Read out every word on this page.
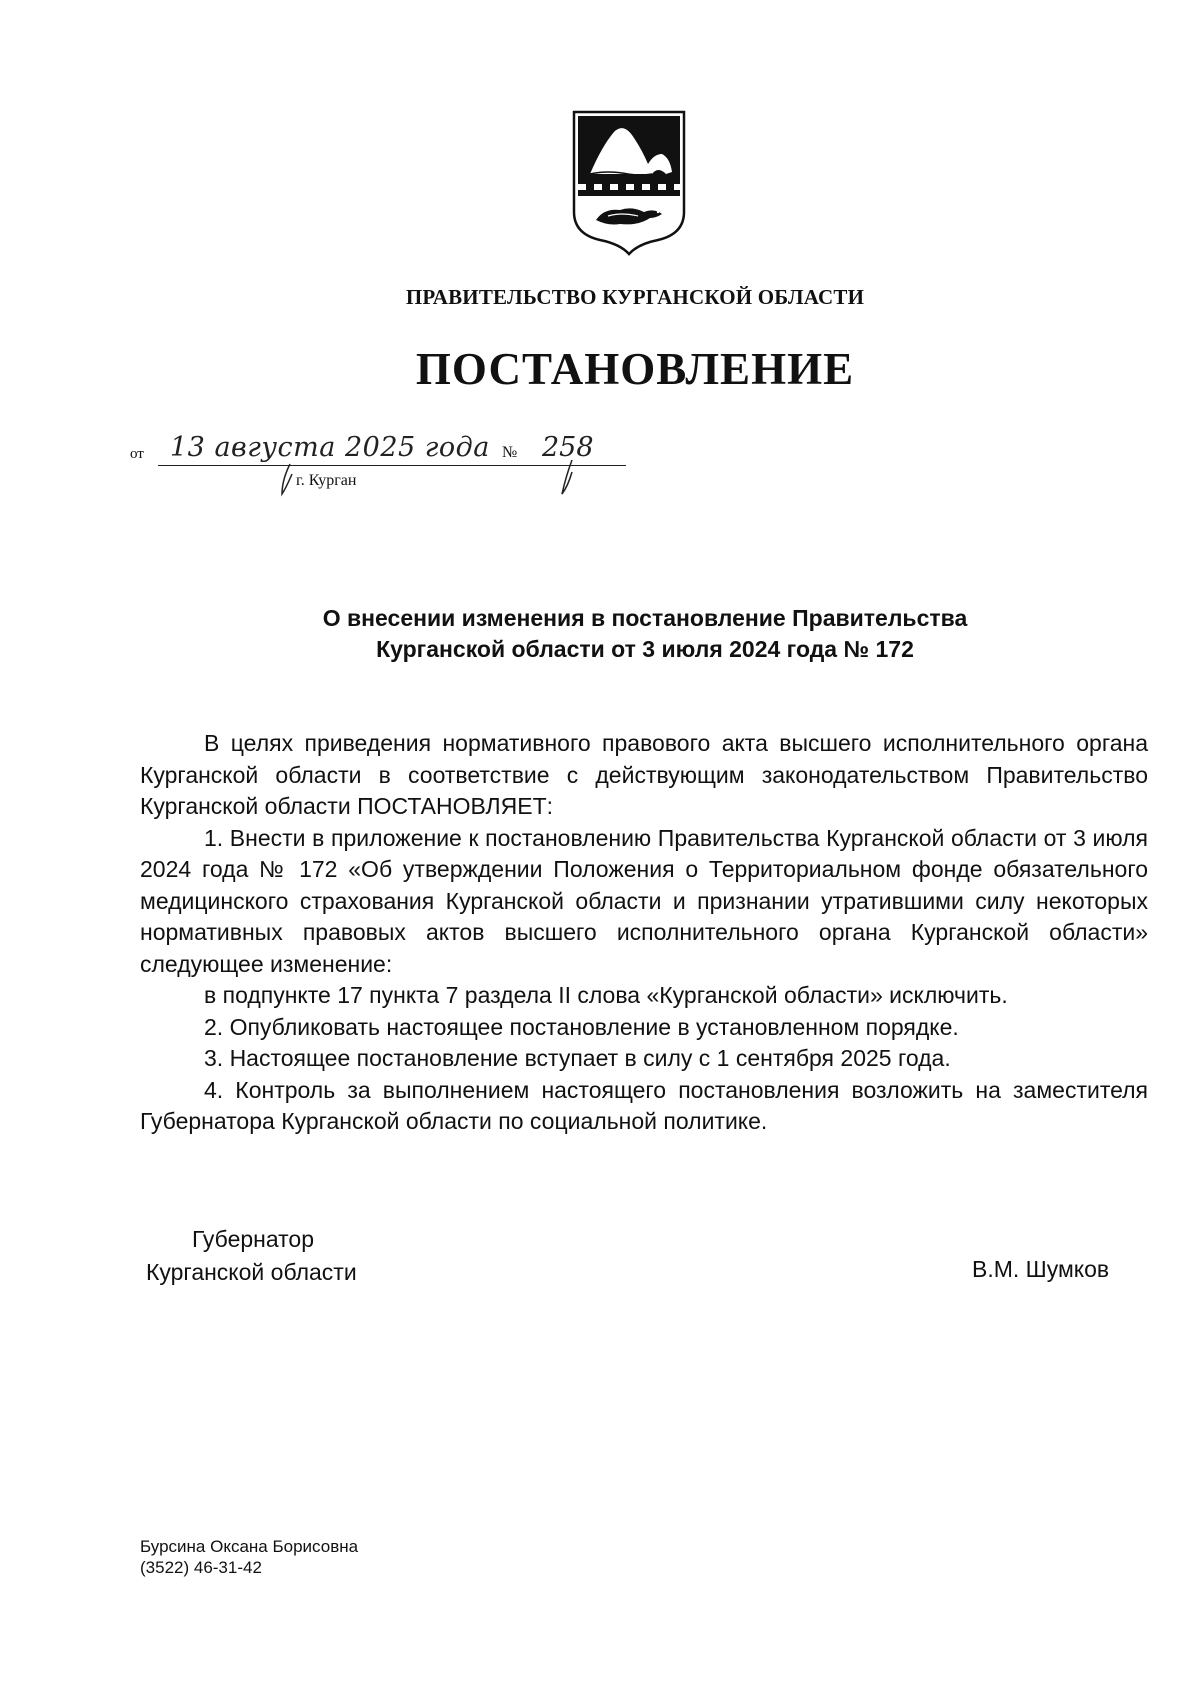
ПРАВИТЕЛЬСТВО КУРГАНСКОЙ ОБЛАСТИ
ПОСТАНОВЛЕНИЕ
от 13 августа 2025 года № 258
г. Курган
О внесении изменения в постановление Правительства
Курганской области от 3 июля 2024 года № 172

В целях приведения нормативного правового акта высшего исполнительного органа Курганской области в соответствие с действующим законодательством Правительство Курганской области ПОСТАНОВЛЯЕТ:

1. Внести в приложение к постановлению Правительства Курганской области от 3 июля 2024 года № 172 «Об утверждении Положения о Территориальном фонде обязательного медицинского страхования Курганской области и признании утратившими силу некоторых нормативных правовых актов высшего исполнительного органа Курганской области» следующее изменение:

в подпункте 17 пункта 7 раздела II слова «Курганской области» исключить.

2. Опубликовать настоящее постановление в установленном порядке.

3. Настоящее постановление вступает в силу с 1 сентября 2025 года.

4. Контроль за выполнением настоящего постановления возложить на заместителя Губернатора Курганской области по социальной политике.

Губернатор
Курганской области	В.М. Шумков
Бурсина Оксана Борисовна
(3522) 46-31-42
